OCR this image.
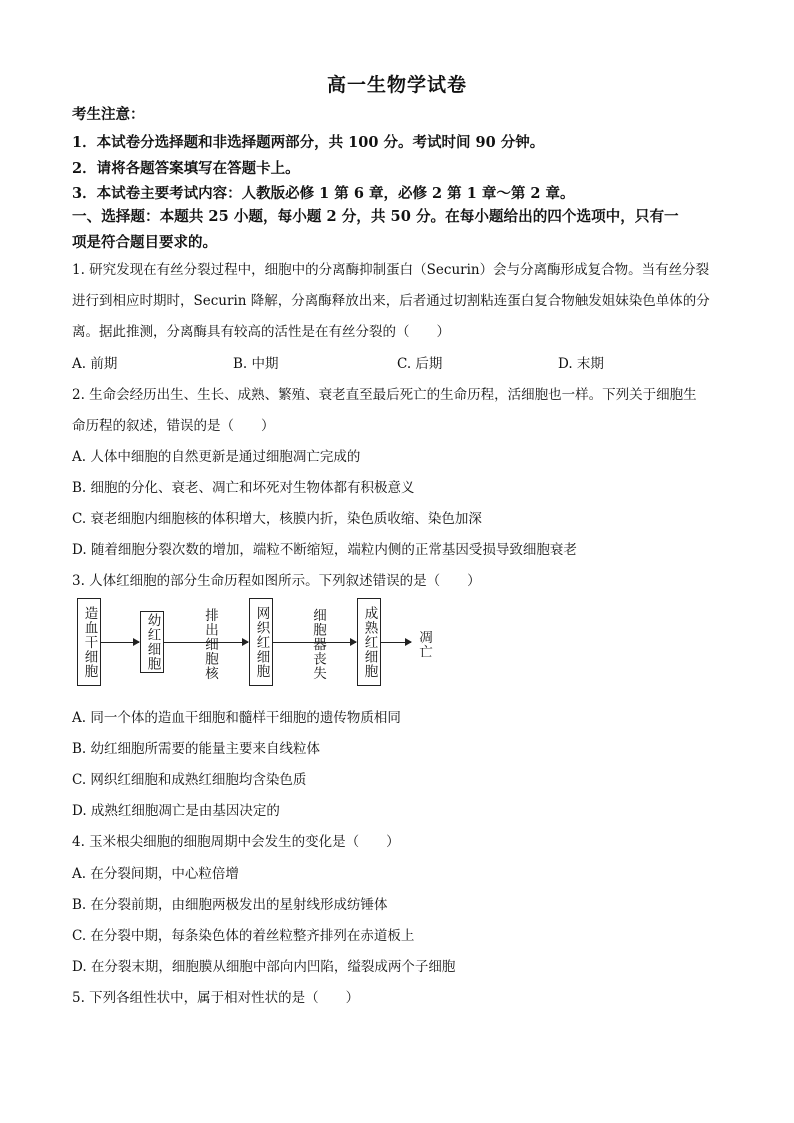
高一生物学试卷
考生注意：
1．本试卷分选择题和非选择题两部分，共 100 分。考试时间 90 分钟。
2．请将各题答案填写在答题卡上。
3．本试卷主要考试内容：人教版必修 1 第 6 章，必修 2 第 1 章～第 2 章。
一、选择题：本题共 25 小题，每小题 2 分，共 50 分。在每小题给出的四个选项中，只有一
项是符合题目要求的。
1. 研究发现在有丝分裂过程中，细胞中的分离酶抑制蛋白（Securin）会与分离酶形成复合物。当有丝分裂
进行到相应时期时，Securin 降解，分离酶释放出来，后者通过切割粘连蛋白复合物触发姐妹染色单体的分
离。据此推测，分离酶具有较高的活性是在有丝分裂的（　　）
A. 前期	B. 中期	C. 后期	D. 末期
2. 生命会经历出生、生长、成熟、繁殖、衰老直至最后死亡的生命历程，活细胞也一样。下列关于细胞生
命历程的叙述，错误的是（　　）
A. 人体中细胞的自然更新是通过细胞凋亡完成的
B. 细胞的分化、衰老、凋亡和坏死对生物体都有积极意义
C. 衰老细胞内细胞核的体积增大，核膜内折，染色质收缩、染色加深
D. 随着细胞分裂次数的增加，端粒不断缩短，端粒内侧的正常基因受损导致细胞衰老
3. 人体红细胞的部分生命历程如图所示。下列叙述错误的是（　　）
造血干细胞	幼红细胞	排出细胞核	网织红细胞	细胞器丧失	成熟红细胞	凋亡
A. 同一个体的造血干细胞和髓样干细胞的遗传物质相同
B. 幼红细胞所需要的能量主要来自线粒体
C. 网织红细胞和成熟红细胞均含染色质
D. 成熟红细胞凋亡是由基因决定的
4. 玉米根尖细胞的细胞周期中会发生的变化是（　　）
A. 在分裂间期，中心粒倍增
B. 在分裂前期，由细胞两极发出的星射线形成纺锤体
C. 在分裂中期，每条染色体的着丝粒整齐排列在赤道板上
D. 在分裂末期，细胞膜从细胞中部向内凹陷，缢裂成两个子细胞
5. 下列各组性状中，属于相对性状的是（　　）
